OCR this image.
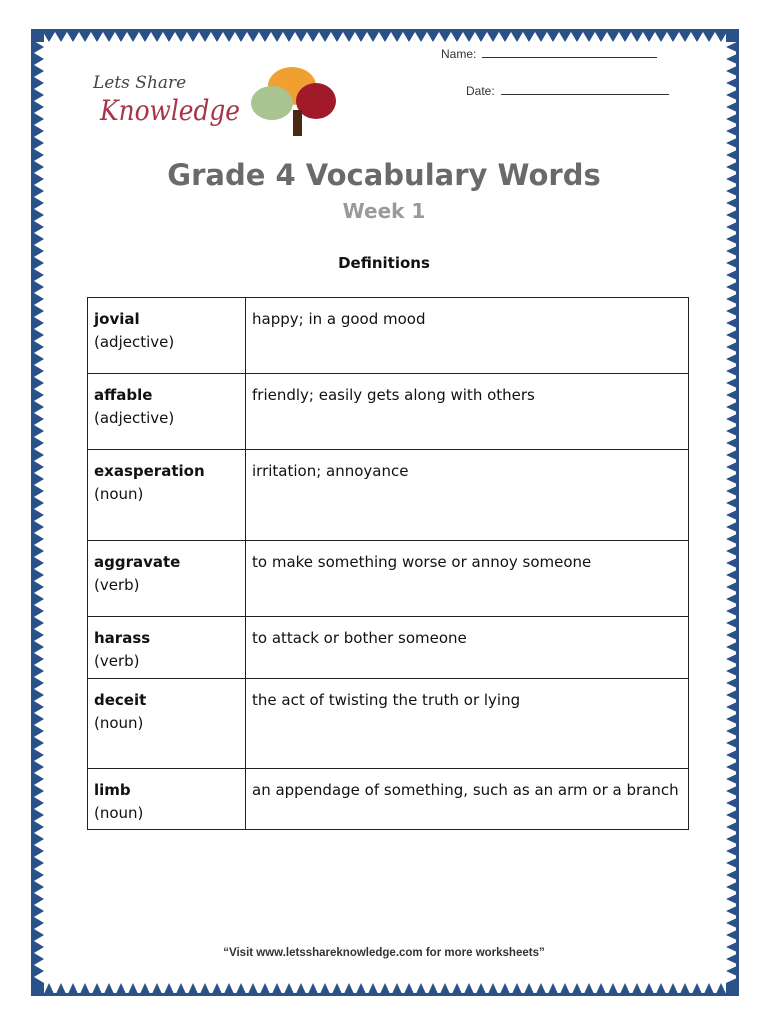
Name:
Date:
Lets Share
Knowledge
Grade 4 Vocabulary Words
Week 1
Definitions
jovial
(adjective)	happy; in a good mood

affable
(adjective)	friendly; easily gets along with others

exasperation
(noun)	irritation; annoyance

aggravate
(verb)	to make something worse or annoy someone

harass
(verb)	to attack or bother someone

deceit
(noun)	the act of twisting the truth or lying

limb
(noun)	an appendage of something, such as an arm or a branch
“Visit www.letsshareknowledge.com for more worksheets”
